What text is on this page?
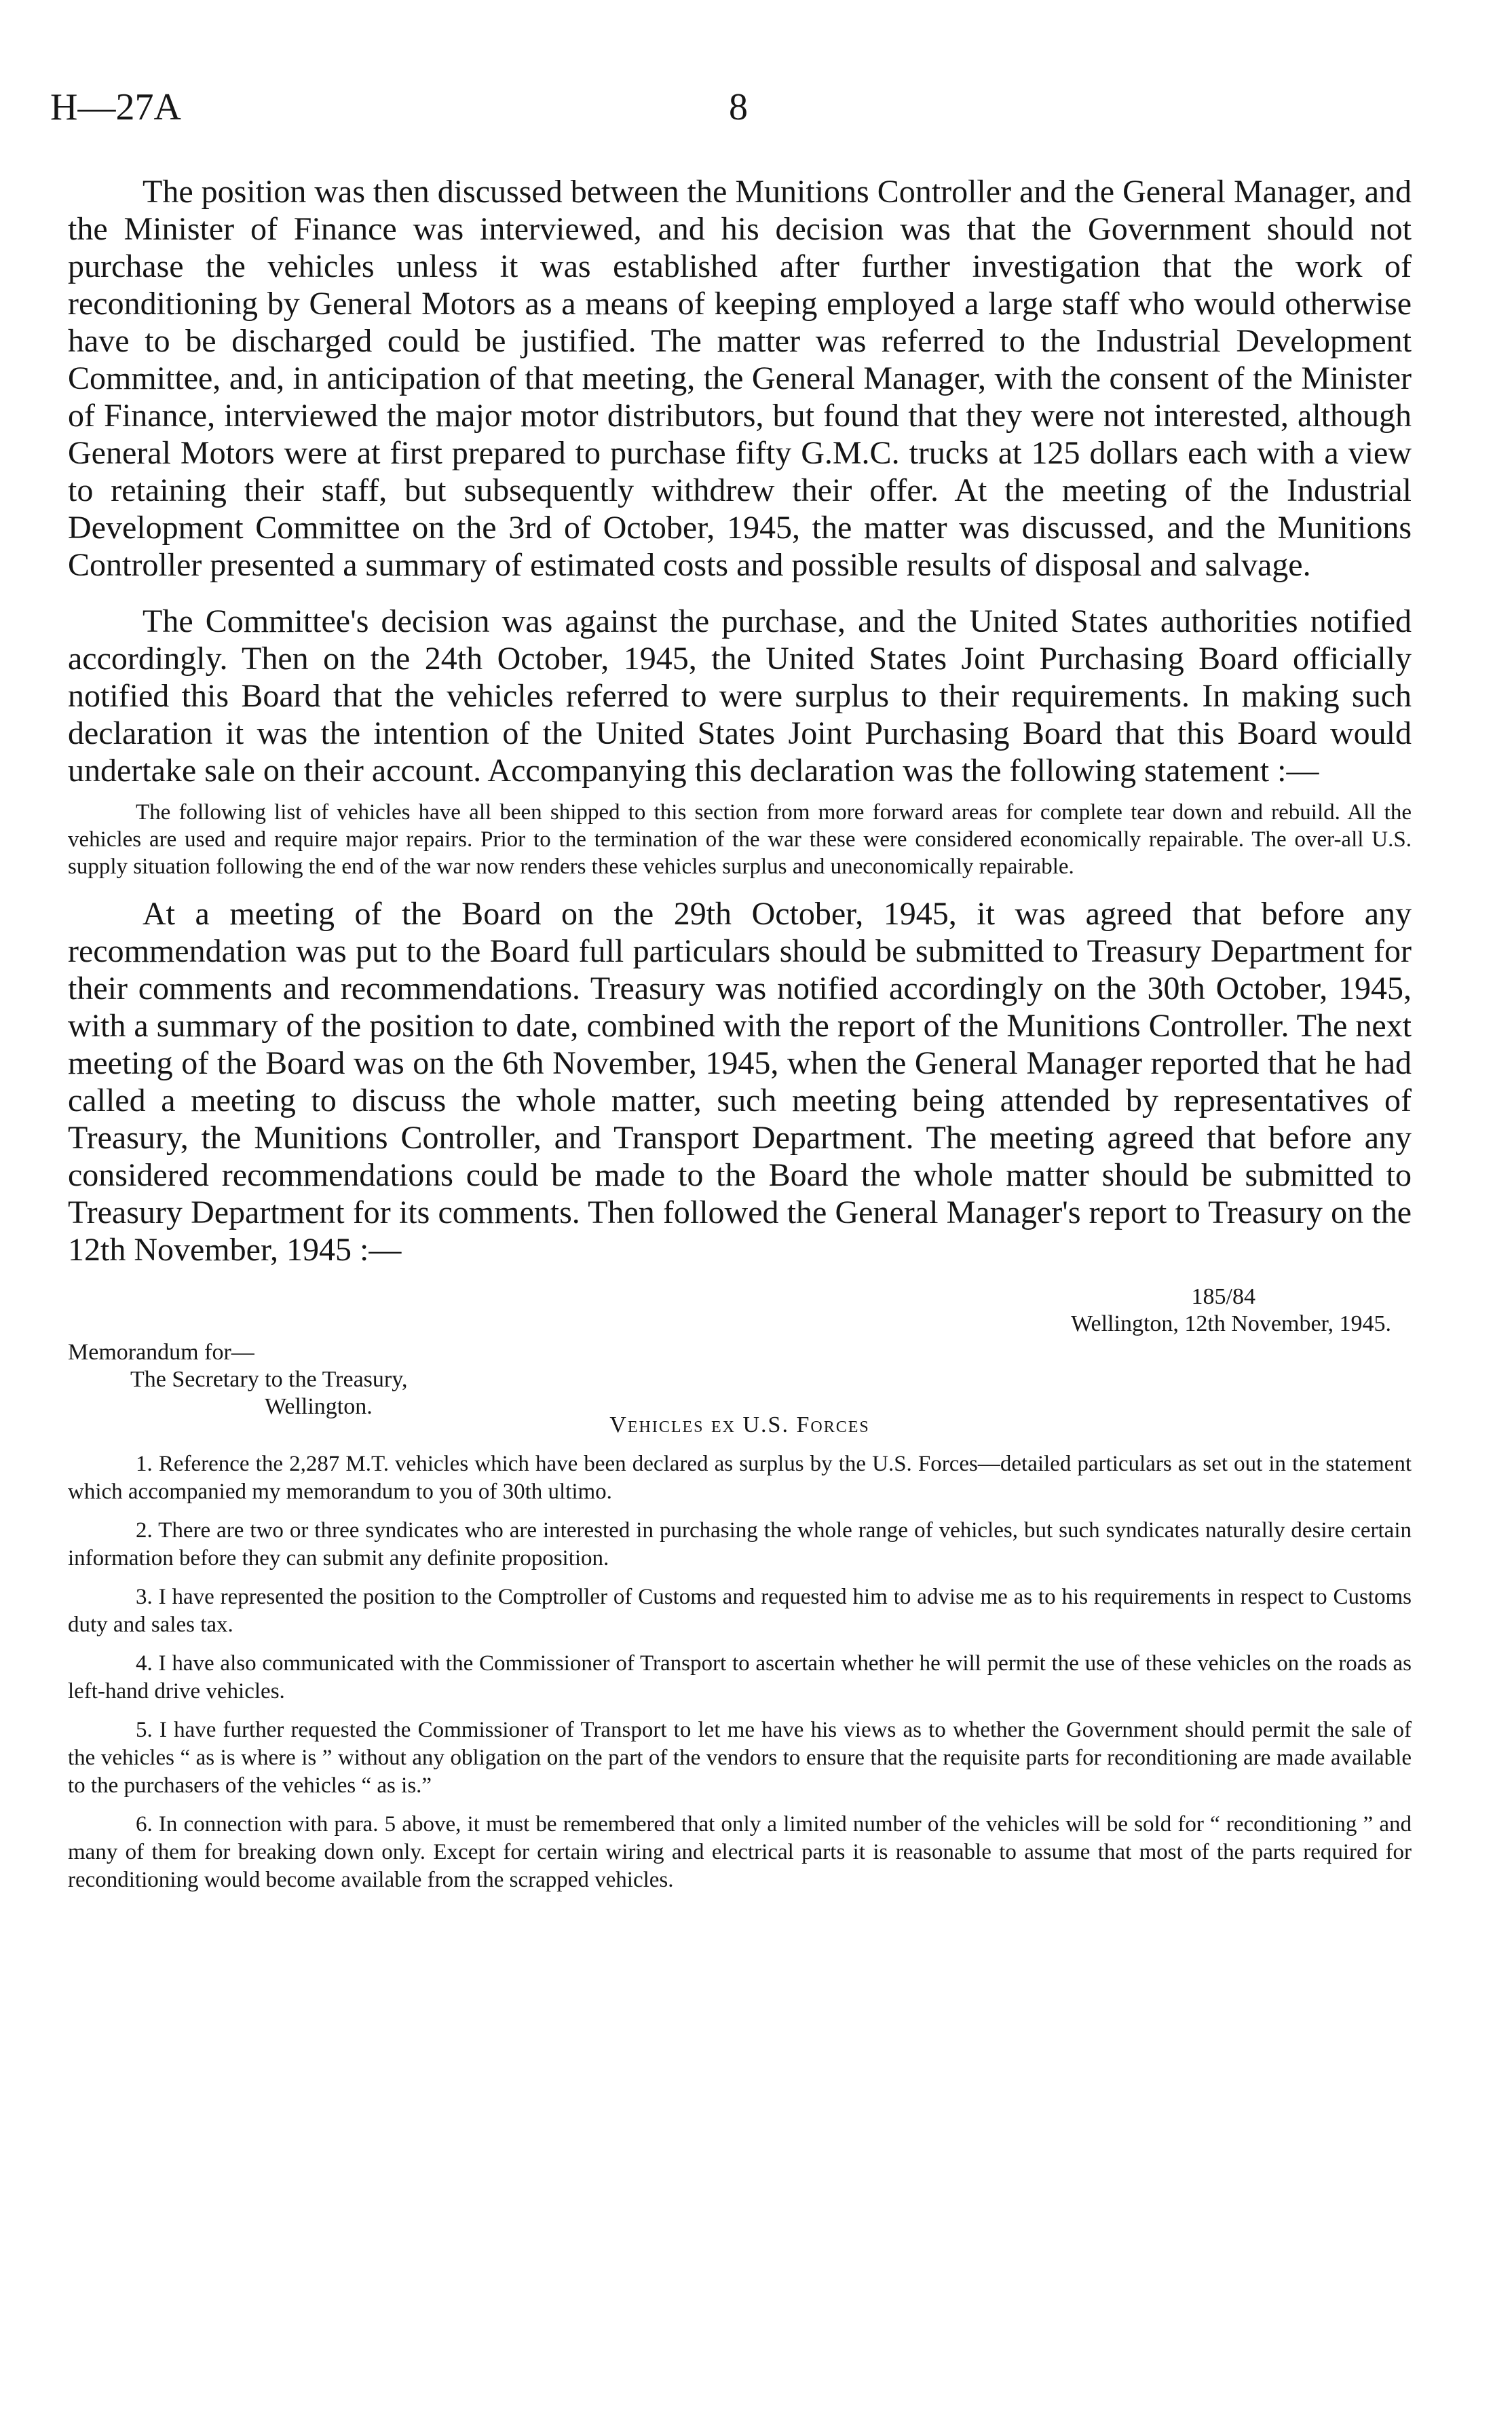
H—27A	8

The position was then discussed between the Munitions Controller and the General Manager, and the Minister of Finance was interviewed, and his decision was that the Government should not purchase the vehicles unless it was established after further investigation that the work of reconditioning by General Motors as a means of keeping employed a large staff who would otherwise have to be discharged could be justified. The matter was referred to the Industrial Development Committee, and, in anticipation of that meeting, the General Manager, with the consent of the Minister of Finance, interviewed the major motor distributors, but found that they were not interested, although General Motors were at first prepared to purchase fifty G.M.C. trucks at 125 dollars each with a view to retaining their staff, but subsequently withdrew their offer. At the meeting of the Industrial Development Committee on the 3rd of October, 1945, the matter was discussed, and the Munitions Controller presented a summary of estimated costs and possible results of disposal and salvage.

The Committee's decision was against the purchase, and the United States authorities notified accordingly. Then on the 24th October, 1945, the United States Joint Purchasing Board officially notified this Board that the vehicles referred to were surplus to their requirements. In making such declaration it was the intention of the United States Joint Purchasing Board that this Board would undertake sale on their account. Accompanying this declaration was the following statement :—

The following list of vehicles have all been shipped to this section from more forward areas for complete tear down and rebuild. All the vehicles are used and require major repairs. Prior to the termination of the war these were considered economically repairable. The over-all U.S. supply situation following the end of the war now renders these vehicles surplus and uneconomically repairable.

At a meeting of the Board on the 29th October, 1945, it was agreed that before any recommendation was put to the Board full particulars should be submitted to Treasury Department for their comments and recommendations. Treasury was notified accordingly on the 30th October, 1945, with a summary of the position to date, combined with the report of the Munitions Controller. The next meeting of the Board was on the 6th November, 1945, when the General Manager reported that he had called a meeting to discuss the whole matter, such meeting being attended by representatives of Treasury, the Munitions Controller, and Transport Department. The meeting agreed that before any considered recommendations could be made to the Board the whole matter should be submitted to Treasury Department for its comments. Then followed the General Manager's report to Treasury on the 12th November, 1945 :—

185/84
Wellington, 12th November, 1945.
Memorandum for—
The Secretary to the Treasury,
Wellington.
Vehicles ex U.S. Forces

1. Reference the 2,287 M.T. vehicles which have been declared as surplus by the U.S. Forces—detailed particulars as set out in the statement which accompanied my memorandum to you of 30th ultimo.

2. There are two or three syndicates who are interested in purchasing the whole range of vehicles, but such syndicates naturally desire certain information before they can submit any definite proposition.

3. I have represented the position to the Comptroller of Customs and requested him to advise me as to his requirements in respect to Customs duty and sales tax.

4. I have also communicated with the Commissioner of Transport to ascertain whether he will permit the use of these vehicles on the roads as left-hand drive vehicles.

5. I have further requested the Commissioner of Transport to let me have his views as to whether the Government should permit the sale of the vehicles “ as is where is ” without any obligation on the part of the vendors to ensure that the requisite parts for reconditioning are made available to the purchasers of the vehicles “ as is.”

6. In connection with para. 5 above, it must be remembered that only a limited number of the vehicles will be sold for “ reconditioning ” and many of them for breaking down only. Except for certain wiring and electrical parts it is reasonable to assume that most of the parts required for reconditioning would become available from the scrapped vehicles.
